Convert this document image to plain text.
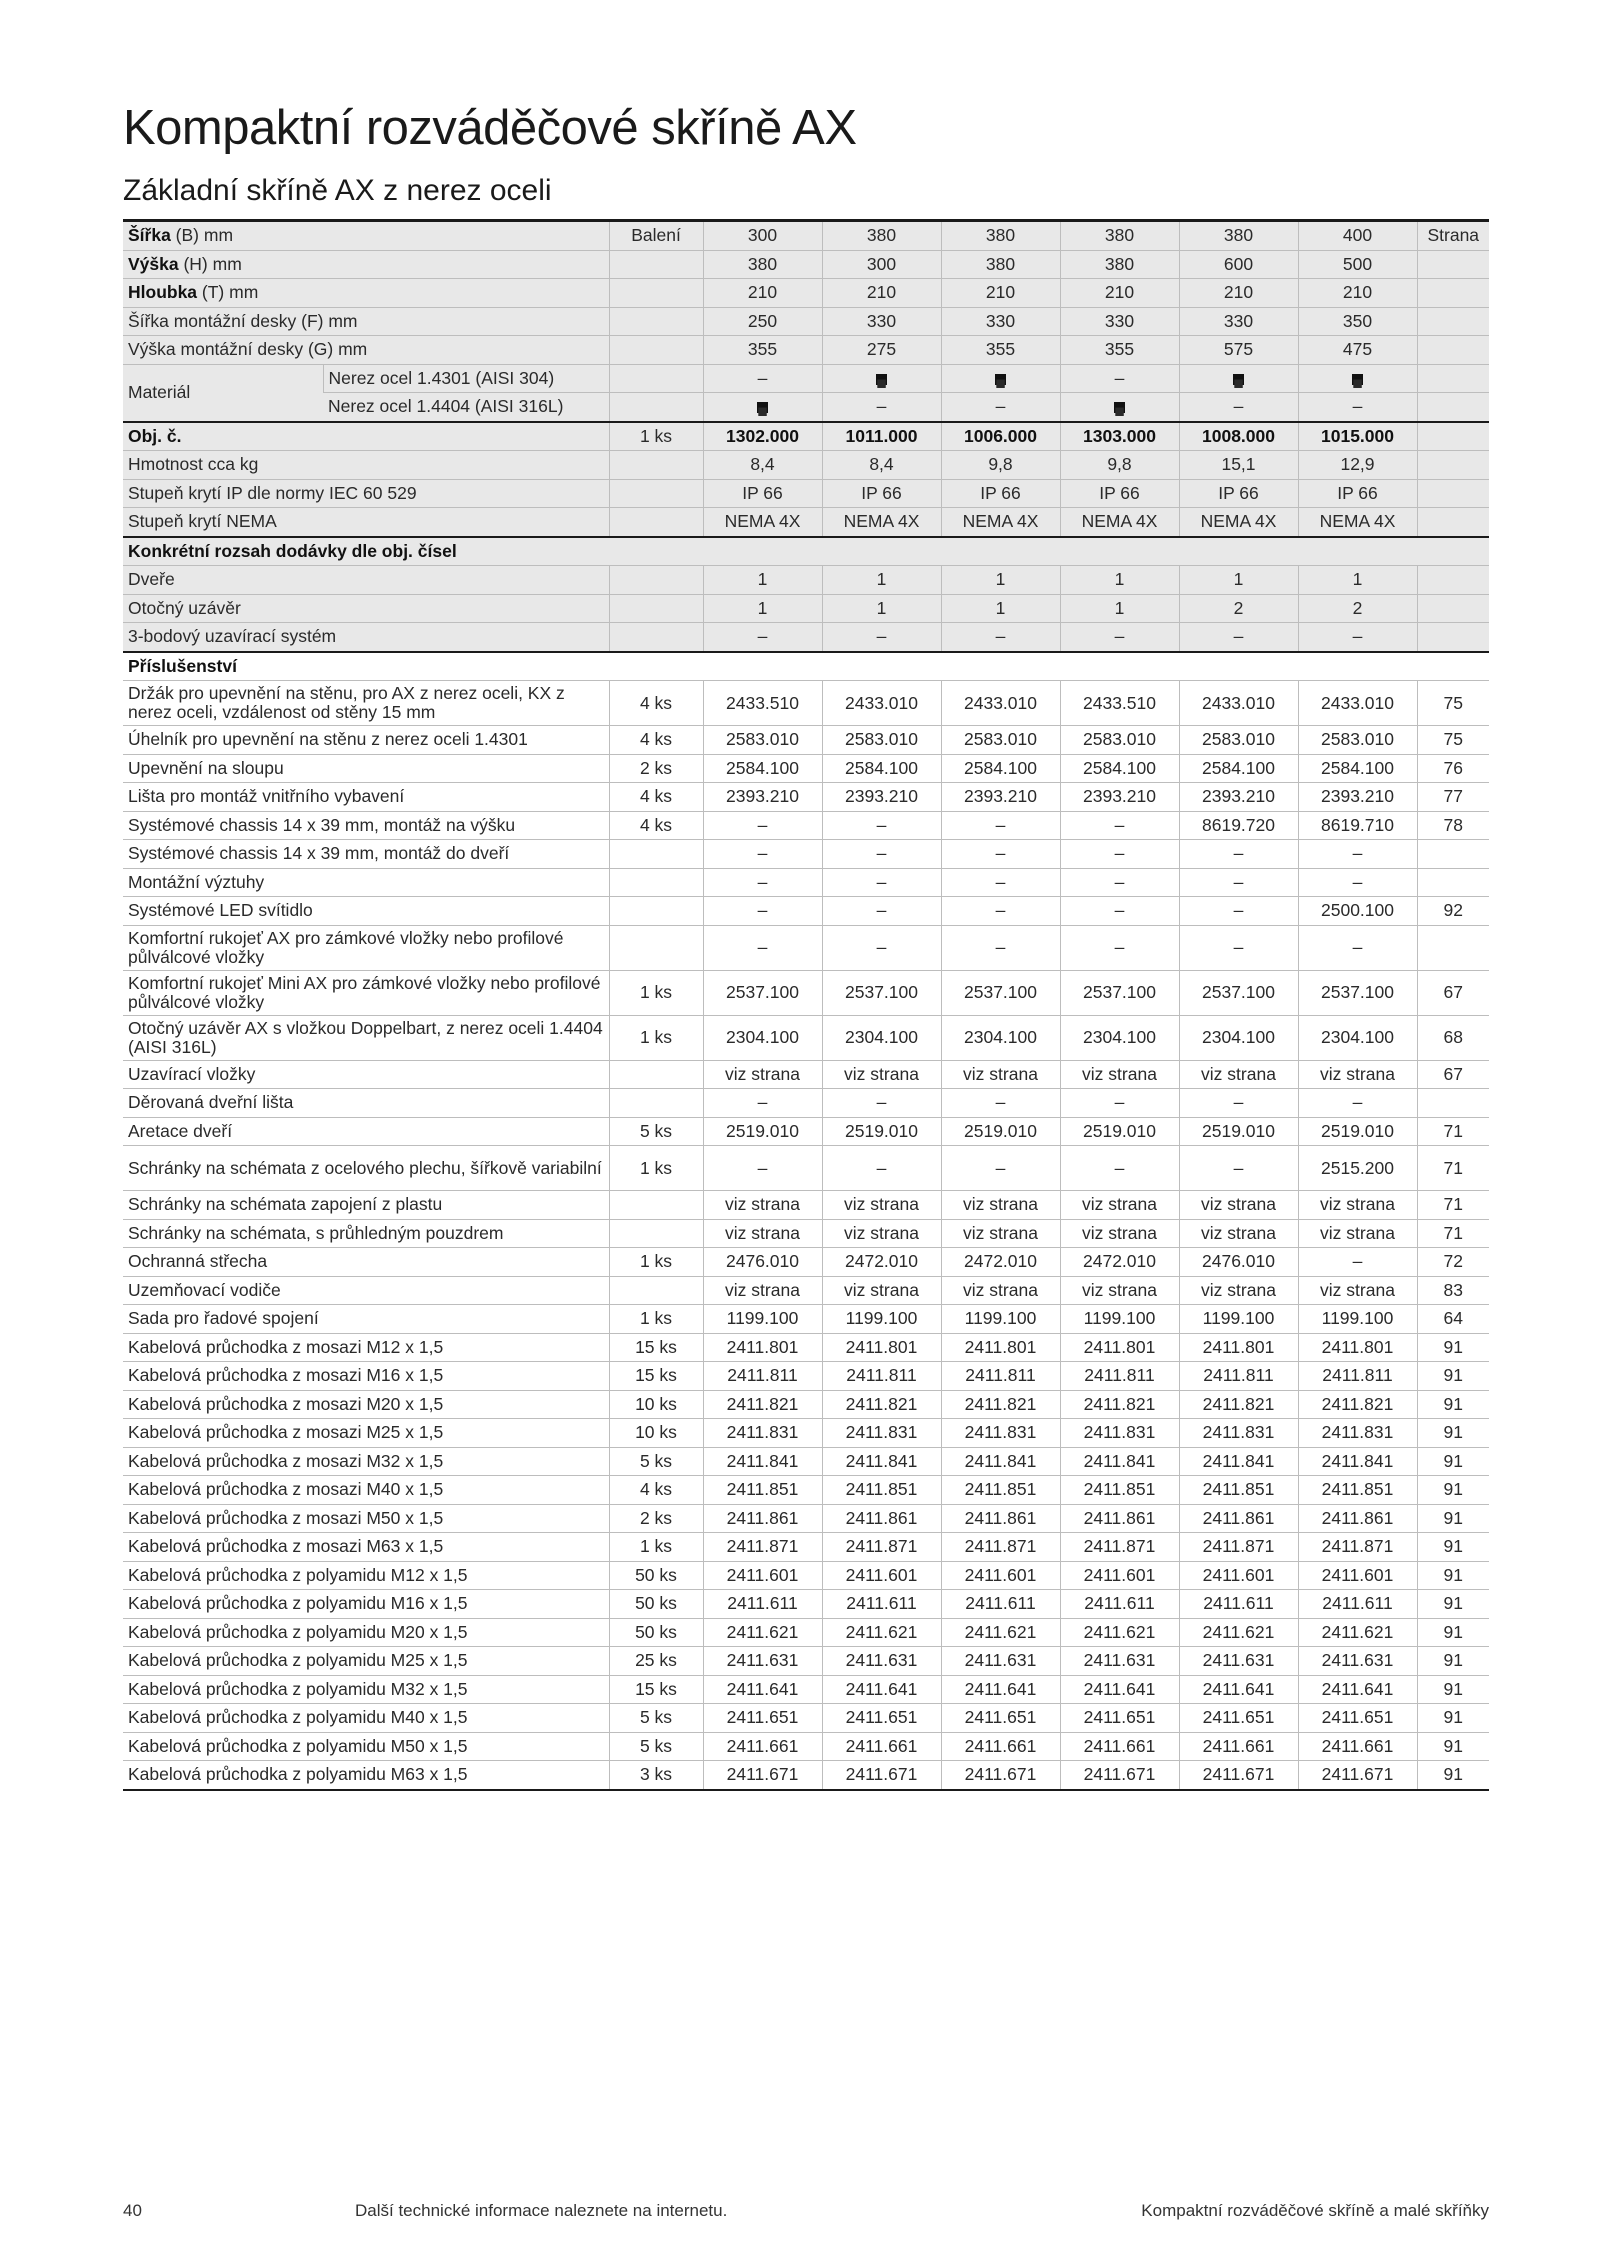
Kompaktní rozváděčové skříně AX
Základní skříně AX z nerez oceli
Šířka (B) mm		Balení	300	380	380	380	380	400	Strana
Výška (H) mm			380	300	380	380	600	500	
Hloubka (T) mm			210	210	210	210	210	210	
Šířka montážní desky (F) mm			250	330	330	330	330	350	
Výška montážní desky (G) mm			355	275	355	355	575	475	
Materiál	Nerez ocel 1.4301 (AISI 304)		–	■	■	–	■	■	
	Nerez ocel 1.4404 (AISI 316L)		■	–	–	■	–	–	
Obj. č.		1 ks	1302.000	1011.000	1006.000	1303.000	1008.000	1015.000	
Hmotnost cca kg			8,4	8,4	9,8	9,8	15,1	12,9	
Stupeň krytí IP dle normy IEC 60 529			IP 66	IP 66	IP 66	IP 66	IP 66	IP 66	
Stupeň krytí NEMA			NEMA 4X	NEMA 4X	NEMA 4X	NEMA 4X	NEMA 4X	NEMA 4X	
Konkrétní rozsah dodávky dle obj. čísel									
Dveře			1	1	1	1	1	1	
Otočný uzávěr			1	1	1	1	2	2	
3-bodový uzavírací systém			–	–	–	–	–	–	
Příslušenství									
Držák pro upevnění na stěnu, pro AX z nerez oceli, KX z nerez oceli, vzdálenost od stěny 15 mm		4 ks	2433.510	2433.010	2433.010	2433.510	2433.010	2433.010	75
Úhelník pro upevnění na stěnu z nerez oceli 1.4301		4 ks	2583.010	2583.010	2583.010	2583.010	2583.010	2583.010	75
Upevnění na sloupu		2 ks	2584.100	2584.100	2584.100	2584.100	2584.100	2584.100	76
Lišta pro montáž vnitřního vybavení		4 ks	2393.210	2393.210	2393.210	2393.210	2393.210	2393.210	77
Systémové chassis 14 x 39 mm, montáž na výšku		4 ks	–	–	–	–	8619.720	8619.710	78
Systémové chassis 14 x 39 mm, montáž do dveří			–	–	–	–	–	–	
Montážní výztuhy			–	–	–	–	–	–	
Systémové LED svítidlo			–	–	–	–	–	2500.100	92
Komfortní rukojeť AX pro zámkové vložky nebo profilové půlválcové vložky			–	–	–	–	–	–	
Komfortní rukojeť Mini AX pro zámkové vložky nebo profilové půlválcové vložky		1 ks	2537.100	2537.100	2537.100	2537.100	2537.100	2537.100	67
Otočný uzávěr AX s vložkou Doppelbart, z nerez oceli 1.4404 (AISI 316L)		1 ks	2304.100	2304.100	2304.100	2304.100	2304.100	2304.100	68
Uzavírací vložky			viz strana	viz strana	viz strana	viz strana	viz strana	viz strana	67
Děrovaná dveřní lišta			–	–	–	–	–	–	
Aretace dveří		5 ks	2519.010	2519.010	2519.010	2519.010	2519.010	2519.010	71
Schránky na schémata z ocelového plechu, šířkově variabilní		1 ks	–	–	–	–	–	2515.200	71
Schránky na schémata zapojení z plastu			viz strana	viz strana	viz strana	viz strana	viz strana	viz strana	71
Schránky na schémata, s průhledným pouzdrem			viz strana	viz strana	viz strana	viz strana	viz strana	viz strana	71
Ochranná střecha		1 ks	2476.010	2472.010	2472.010	2472.010	2476.010	–	72
Uzemňovací vodiče			viz strana	viz strana	viz strana	viz strana	viz strana	viz strana	83
Sada pro řadové spojení		1 ks	1199.100	1199.100	1199.100	1199.100	1199.100	1199.100	64
Kabelová průchodka z mosazi M12 x 1,5		15 ks	2411.801	2411.801	2411.801	2411.801	2411.801	2411.801	91
Kabelová průchodka z mosazi M16 x 1,5		15 ks	2411.811	2411.811	2411.811	2411.811	2411.811	2411.811	91
Kabelová průchodka z mosazi M20 x 1,5		10 ks	2411.821	2411.821	2411.821	2411.821	2411.821	2411.821	91
Kabelová průchodka z mosazi M25 x 1,5		10 ks	2411.831	2411.831	2411.831	2411.831	2411.831	2411.831	91
Kabelová průchodka z mosazi M32 x 1,5		5 ks	2411.841	2411.841	2411.841	2411.841	2411.841	2411.841	91
Kabelová průchodka z mosazi M40 x 1,5		4 ks	2411.851	2411.851	2411.851	2411.851	2411.851	2411.851	91
Kabelová průchodka z mosazi M50 x 1,5		2 ks	2411.861	2411.861	2411.861	2411.861	2411.861	2411.861	91
Kabelová průchodka z mosazi M63 x 1,5		1 ks	2411.871	2411.871	2411.871	2411.871	2411.871	2411.871	91
Kabelová průchodka z polyamidu M12 x 1,5		50 ks	2411.601	2411.601	2411.601	2411.601	2411.601	2411.601	91
Kabelová průchodka z polyamidu M16 x 1,5		50 ks	2411.611	2411.611	2411.611	2411.611	2411.611	2411.611	91
Kabelová průchodka z polyamidu M20 x 1,5		50 ks	2411.621	2411.621	2411.621	2411.621	2411.621	2411.621	91
Kabelová průchodka z polyamidu M25 x 1,5		25 ks	2411.631	2411.631	2411.631	2411.631	2411.631	2411.631	91
Kabelová průchodka z polyamidu M32 x 1,5		15 ks	2411.641	2411.641	2411.641	2411.641	2411.641	2411.641	91
Kabelová průchodka z polyamidu M40 x 1,5		5 ks	2411.651	2411.651	2411.651	2411.651	2411.651	2411.651	91
Kabelová průchodka z polyamidu M50 x 1,5		5 ks	2411.661	2411.661	2411.661	2411.661	2411.661	2411.661	91
Kabelová průchodka z polyamidu M63 x 1,5		3 ks	2411.671	2411.671	2411.671	2411.671	2411.671	2411.671	91
40	Další technické informace naleznete na internetu.	Kompaktní rozváděčové skříně a malé skříňky
